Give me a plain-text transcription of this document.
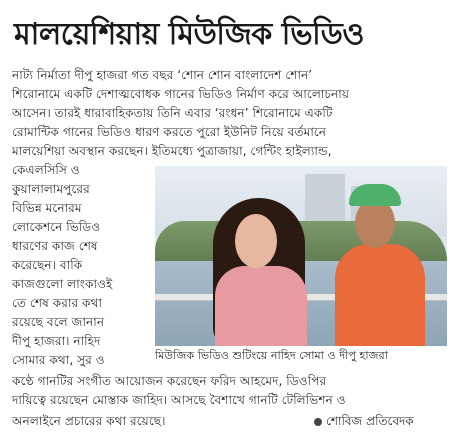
মালয়েশিয়ায় মিউজিক ভিডিও
নাট্য নির্মাতা দীপু হাজরা গত বছর ‘শোন শোন বাংলাদেশ শোন’
শিরোনামে একটি দেশাত্মবোধক গানের ভিডিও নির্মাণ করে আলোচনায়
আসেন। তারই ধারাবাহিকতায় তিনি এবার ‘রংধন’ শিরোনামে একটি
রোমান্টিক গানের ভিডিও ধারণ করতে পুরো ইউনিট নিয়ে বর্তমানে
মালয়েশিয়া অবস্থান করছেন। ইতিমধ্যে পুত্রাজায়া, গেন্টিং হাইল্যান্ড,
কেএলসিসি ও
কুয়ালালামপুরের
বিভিন্ন মনোরম
লোকেশনে ভিডিও
ধারণের কাজ শেষ
করেছেন। বাকি
কাজগুলো লাংকাওই
তে শেষ করার কথা
রয়েছে বলে জানান
দীপু হাজরা। নাহিদ
সোমার কথা, সুর ও	মিউজিক ভিডিও শুটিংয়ে নাহিদ সোমা ও দীপু হাজরা
কণ্ঠে গানটির সংগীত আয়োজন করেছেন ফরিদ আহমেদ, ডিওপির
দায়িত্বে রয়েছেন মোস্তাক জাহিদ। আসছে বৈশাখে গানটি টেলিভিশন ও
অনলাইনে প্রচারের কথা রয়েছে।	শোবিজ প্রতিবেদক
